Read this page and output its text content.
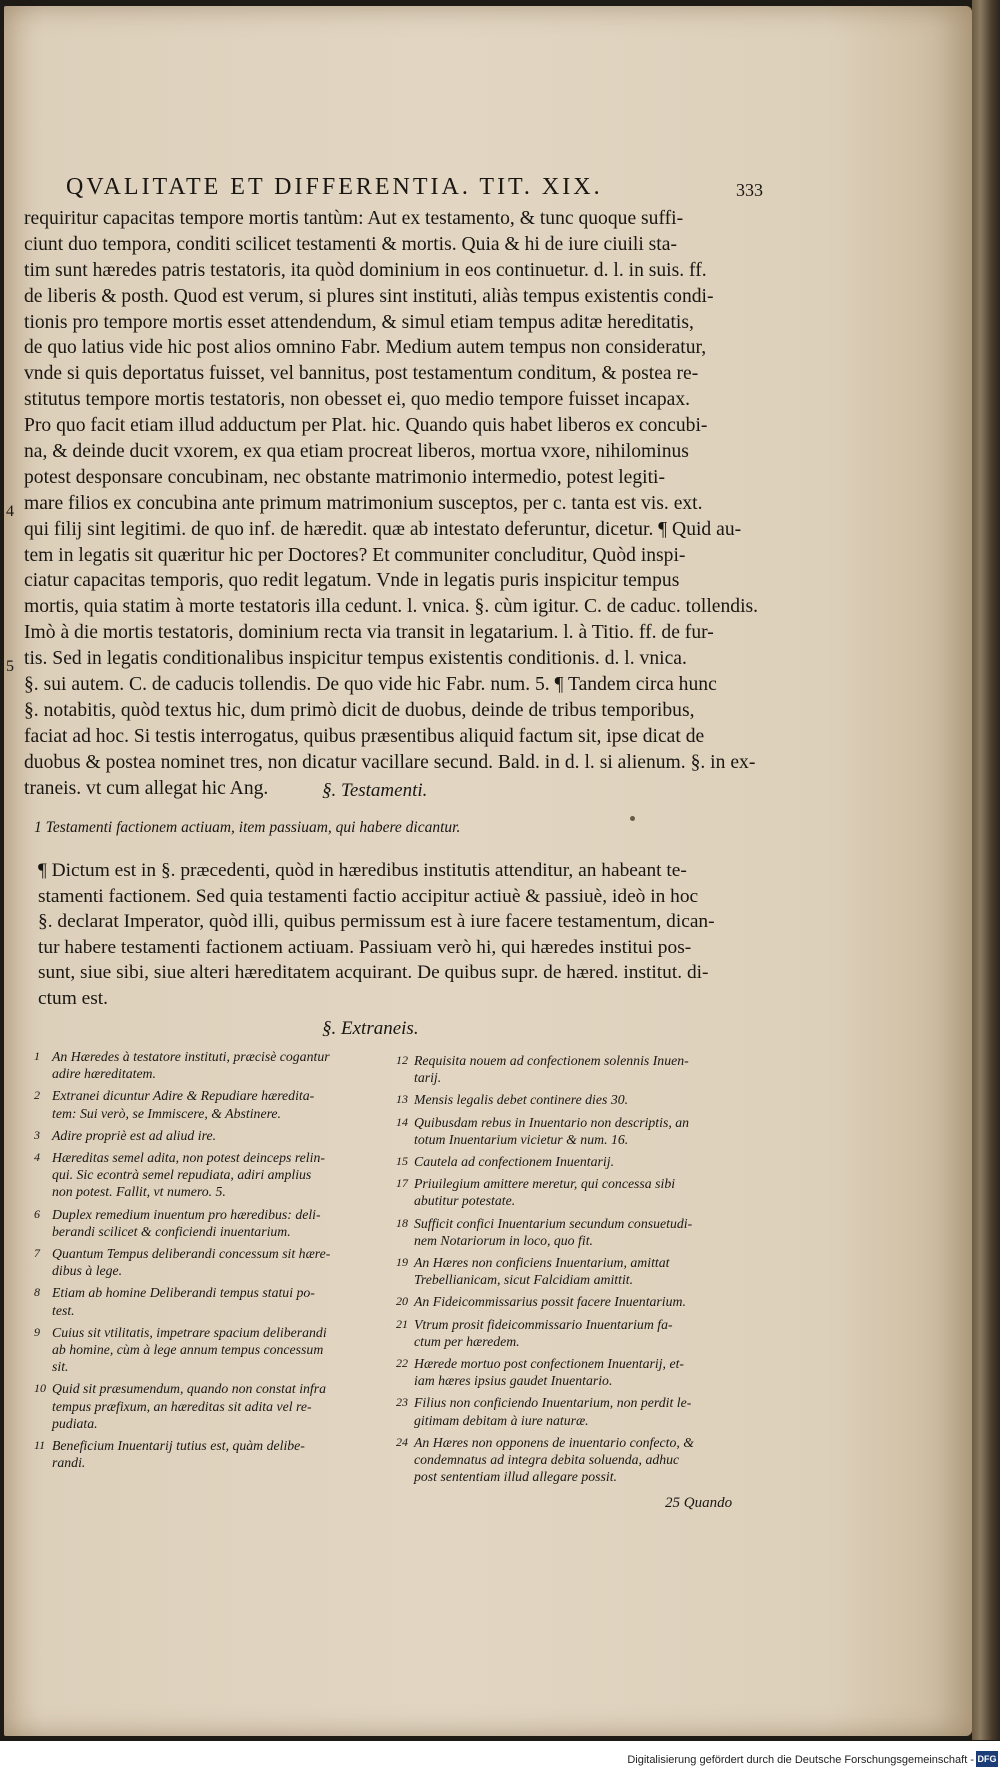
QVALITATE ET DIFFERENTIA. TIT. XIX.	333
requiritur capacitas tempore mortis tantùm: Aut ex testamento, & tunc quoque suffi-
ciunt duo tempora, conditi scilicet testamenti & mortis. Quia & hi de iure ciuili sta-
tim sunt hæredes patris testatoris, ita quòd dominium in eos continuetur. d. l. in suis. ff.
de liberis & posth. Quod est verum, si plures sint instituti, aliàs tempus existentis condi-
tionis pro tempore mortis esset attendendum, & simul etiam tempus aditæ hereditatis,
de quo latius vide hic post alios omnino Fabr. Medium autem tempus non consideratur,
vnde si quis deportatus fuisset, vel bannitus, post testamentum conditum, & postea re-
stitutus tempore mortis testatoris, non obesset ei, quo medio tempore fuisset incapax.
Pro quo facit etiam illud adductum per Plat. hic. Quando quis habet liberos ex concubi-
na, & deinde ducit vxorem, ex qua etiam procreat liberos, mortua vxore, nihilominus
potest desponsare concubinam, nec obstante matrimonio intermedio, potest legiti-
mare filios ex concubina ante primum matrimonium susceptos, per c. tanta est vis. ext.
qui filij sint legitimi. de quo inf. de hæredit. quæ ab intestato deferuntur, dicetur. ¶ Quid au-
tem in legatis sit quæritur hic per Doctores? Et communiter concluditur, Quòd inspi-
ciatur capacitas temporis, quo redit legatum. Vnde in legatis puris inspicitur tempus
mortis, quia statim à morte testatoris illa cedunt. l. vnica. §. cùm igitur. C. de caduc. tollendis.
Imò à die mortis testatoris, dominium recta via transit in legatarium. l. à Titio. ff. de fur-
tis. Sed in legatis conditionalibus inspicitur tempus existentis conditionis. d. l. vnica.
§. sui autem. C. de caducis tollendis. De quo vide hic Fabr. num. 5. ¶ Tandem circa hunc
§. notabitis, quòd textus hic, dum primò dicit de duobus, deinde de tribus temporibus,
faciat ad hoc. Si testis interrogatus, quibus præsentibus aliquid factum sit, ipse dicat de
duobus & postea nominet tres, non dicatur vacillare secund. Bald. in d. l. si alienum. §. in ex-
traneis. vt cum allegat hic Ang.
4
5
§. Testamenti.
1 Testamenti factionem actiuam, item passiuam, qui habere dicantur.
¶ Dictum est in §. præcedenti, quòd in hæredibus institutis attenditur, an habeant te-
stamenti factionem. Sed quia testamenti factio accipitur actiuè & passiuè, ideò in hoc
§. declarat Imperator, quòd illi, quibus permissum est à iure facere testamentum, dican-
tur habere testamenti factionem actiuam. Passiuam verò hi, qui hæredes institui pos-
sunt, siue sibi, siue alteri hæreditatem acquirant. De quibus supr. de hæred. institut. di-
ctum est.
§. Extraneis.
1 An Hæredes à testatore instituti, præcisè cogantur
adire hæreditatem.
2 Extranei dicuntur Adire & Repudiare hæredita-
tem: Sui verò, se Immiscere, & Abstinere.
3 Adire propriè est ad aliud ire.
4 Hæreditas semel adita, non potest deinceps relin-
qui. Sic econtrà semel repudiata, adiri amplius
non potest. Fallit, vt numero. 5.
6 Duplex remedium inuentum pro hæredibus: deli-
berandi scilicet & conficiendi inuentarium.
7 Quantum Tempus deliberandi concessum sit hære-
dibus à lege.
8 Etiam ab homine Deliberandi tempus statui po-
test.
9 Cuius sit vtilitatis, impetrare spacium deliberandi
ab homine, cùm à lege annum tempus concessum
sit.
10 Quid sit præsumendum, quando non constat infra
tempus præfixum, an hæreditas sit adita vel re-
pudiata.
11 Beneficium Inuentarij tutius est, quàm delibe-
randi.
12 Requisita nouem ad confectionem solennis Inuen-
tarij.
13 Mensis legalis debet continere dies 30.
14 Quibusdam rebus in Inuentario non descriptis, an
totum Inuentarium vicietur & num. 16.
15 Cautela ad confectionem Inuentarij.
17 Priuilegium amittere meretur, qui concessa sibi
abutitur potestate.
18 Sufficit confici Inuentarium secundum consuetudi-
nem Notariorum in loco, quo fit.
19 An Hæres non conficiens Inuentarium, amittat
Trebellianicam, sicut Falcidiam amittit.
20 An Fideicommissarius possit facere Inuentarium.
21 Vtrum prosit fideicommissario Inuentarium fa-
ctum per hæredem.
22 Hærede mortuo post confectionem Inuentarij, et-
iam hæres ipsius gaudet Inuentario.
23 Filius non conficiendo Inuentarium, non perdit le-
gitimam debitam à iure naturæ.
24 An Hæres non opponens de inuentario confecto, &
condemnatus ad integra debita soluenda, adhuc
post sententiam illud allegare possit.
25 Quando
Digitalisierung gefördert durch die Deutsche Forschungsgemeinschaft - DFG
